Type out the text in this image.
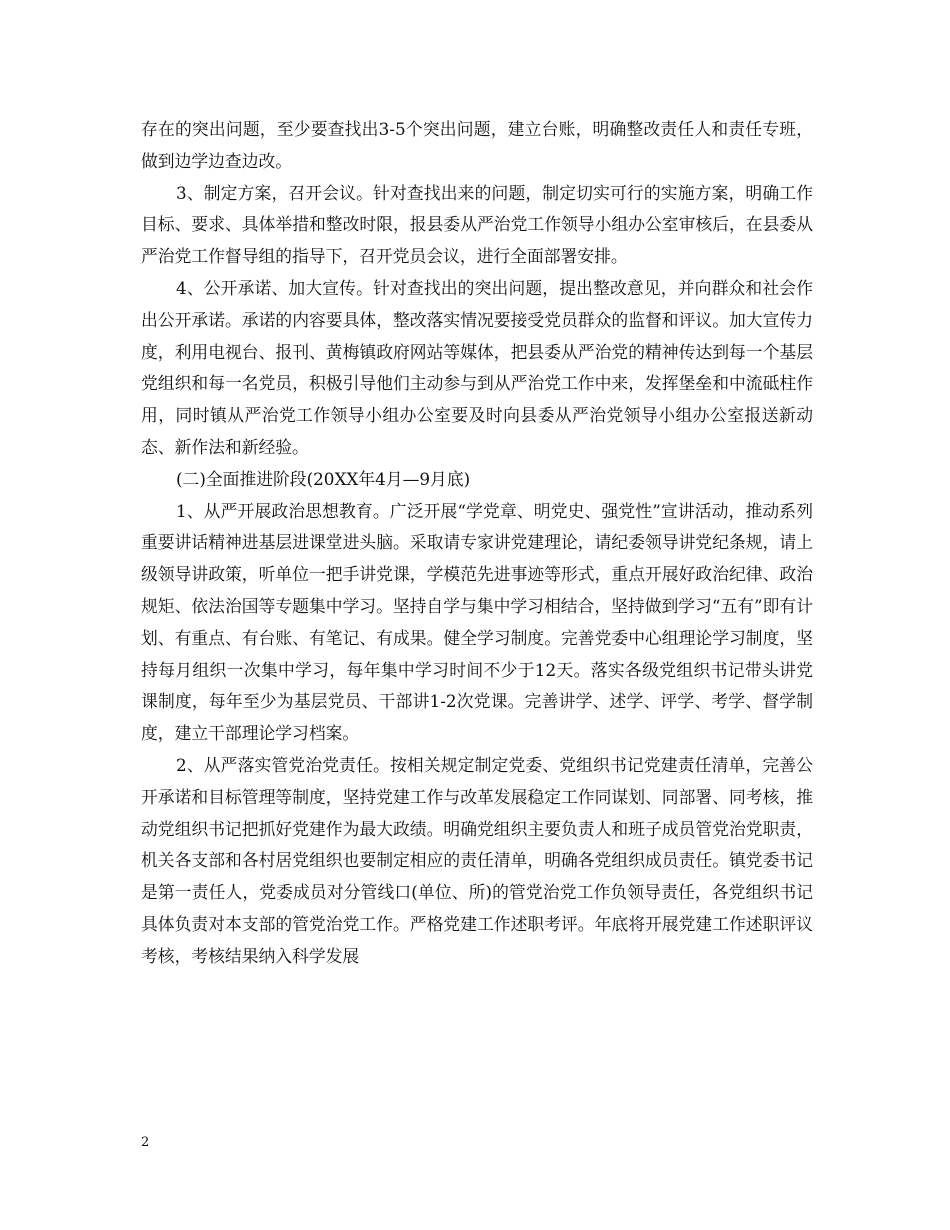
存在的突出问题，至少要查找出3-5个突出问题，建立台账，明确整改责任人和责任专班，做到边学边查边改。

3、制定方案，召开会议。针对查找出来的问题，制定切实可行的实施方案，明确工作目标、要求、具体举措和整改时限，报县委从严治党工作领导小组办公室审核后，在县委从严治党工作督导组的指导下，召开党员会议，进行全面部署安排。

4、公开承诺、加大宣传。针对查找出的突出问题，提出整改意见，并向群众和社会作出公开承诺。承诺的内容要具体，整改落实情况要接受党员群众的监督和评议。加大宣传力度，利用电视台、报刊、黄梅镇政府网站等媒体，把县委从严治党的精神传达到每一个基层党组织和每一名党员，积极引导他们主动参与到从严治党工作中来，发挥堡垒和中流砥柱作用，同时镇从严治党工作领导小组办公室要及时向县委从严治党领导小组办公室报送新动态、新作法和新经验。

(二)全面推进阶段(20XX年4月—9月底)

1、从严开展政治思想教育。广泛开展“学党章、明党史、强党性”宣讲活动，推动系列重要讲话精神进基层进课堂进头脑。采取请专家讲党建理论，请纪委领导讲党纪条规，请上级领导讲政策，听单位一把手讲党课，学模范先进事迹等形式，重点开展好政治纪律、政治规矩、依法治国等专题集中学习。坚持自学与集中学习相结合，坚持做到学习“五有”即有计划、有重点、有台账、有笔记、有成果。健全学习制度。完善党委中心组理论学习制度，坚持每月组织一次集中学习，每年集中学习时间不少于12天。落实各级党组织书记带头讲党课制度，每年至少为基层党员、干部讲1-2次党课。完善讲学、述学、评学、考学、督学制度，建立干部理论学习档案。

2、从严落实管党治党责任。按相关规定制定党委、党组织书记党建责任清单，完善公开承诺和目标管理等制度，坚持党建工作与改革发展稳定工作同谋划、同部署、同考核，推动党组织书记把抓好党建作为最大政绩。明确党组织主要负责人和班子成员管党治党职责，机关各支部和各村居党组织也要制定相应的责任清单，明确各党组织成员责任。镇党委书记是第一责任人，党委成员对分管线口(单位、所)的管党治党工作负领导责任，各党组织书记具体负责对本支部的管党治党工作。严格党建工作述职考评。年底将开展党建工作述职评议考核，考核结果纳入科学发展

2
